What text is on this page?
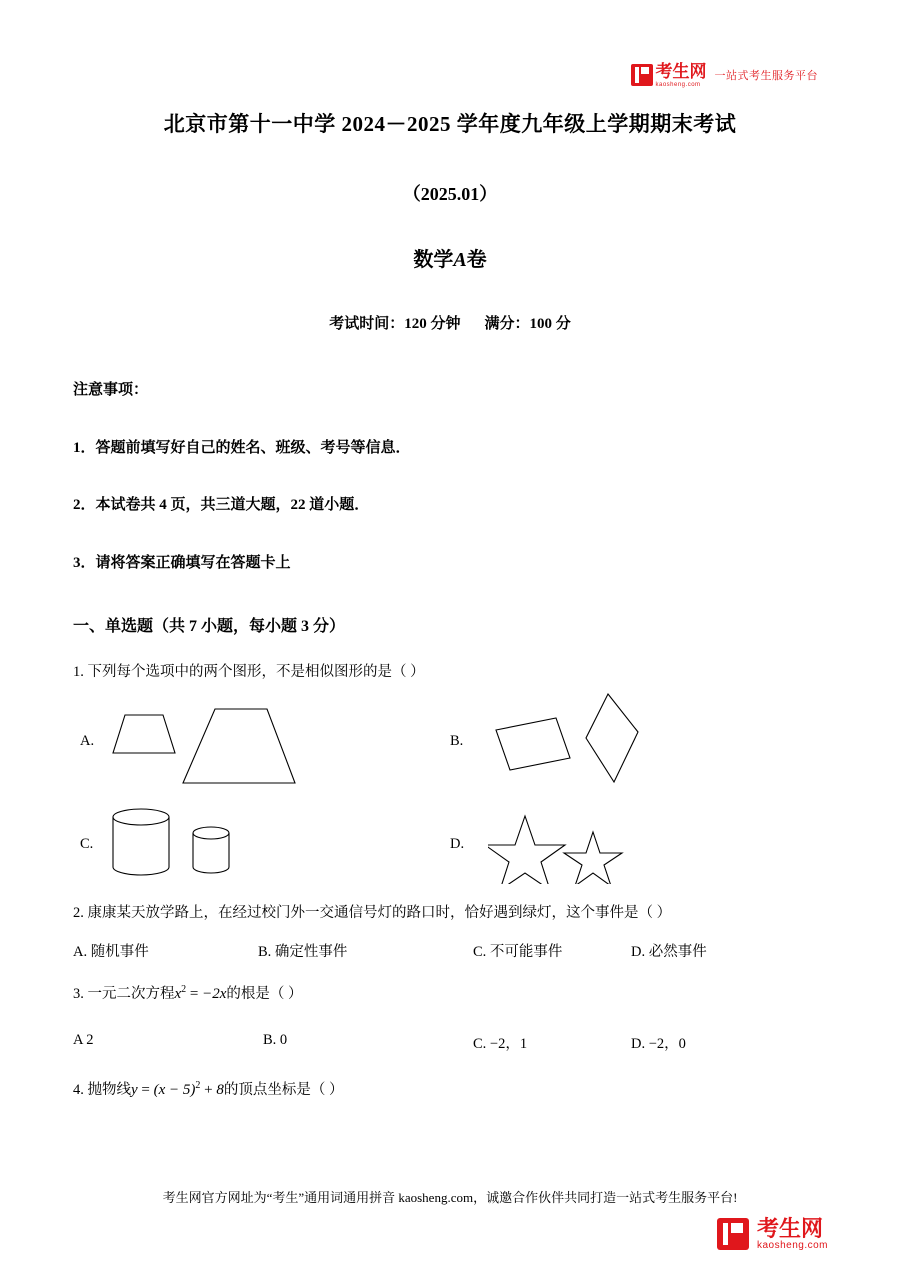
考生网
kaosheng.com
一站式考生服务平台
北京市第十一中学 2024－2025 学年度九年级上学期期末考试
（2025.01）
数学A卷
考试时间：120 分钟 满分：100 分
注意事项：
1．答题前填写好自己的姓名、班级、考号等信息．
2．本试卷共 4 页，共三道大题，22 道小题．
3．请将答案正确填写在答题卡上
一、单选题（共 7 小题，每小题 3 分）
1. 下列每个选项中的两个图形，不是相似图形的是（ ）
A.	B.
C.	D.
2. 康康某天放学路上，在经过校门外一交通信号灯的路口时，恰好遇到绿灯，这个事件是（ ）
A. 随机事件	B. 确定性事件	C. 不可能事件	D. 必然事件
3. 一元二次方程$x^2 = -2x$的根是（ ）
A 2	B. 0	C. −2，1	D. −2，0
4. 抛物线$y = (x - 5)^2 + 8$的顶点坐标是（ ）
考生网官方网址为“考生”通用词通用拼音 kaosheng.com，诚邀合作伙伴共同打造一站式考生服务平台!
考生网
kaosheng.com
